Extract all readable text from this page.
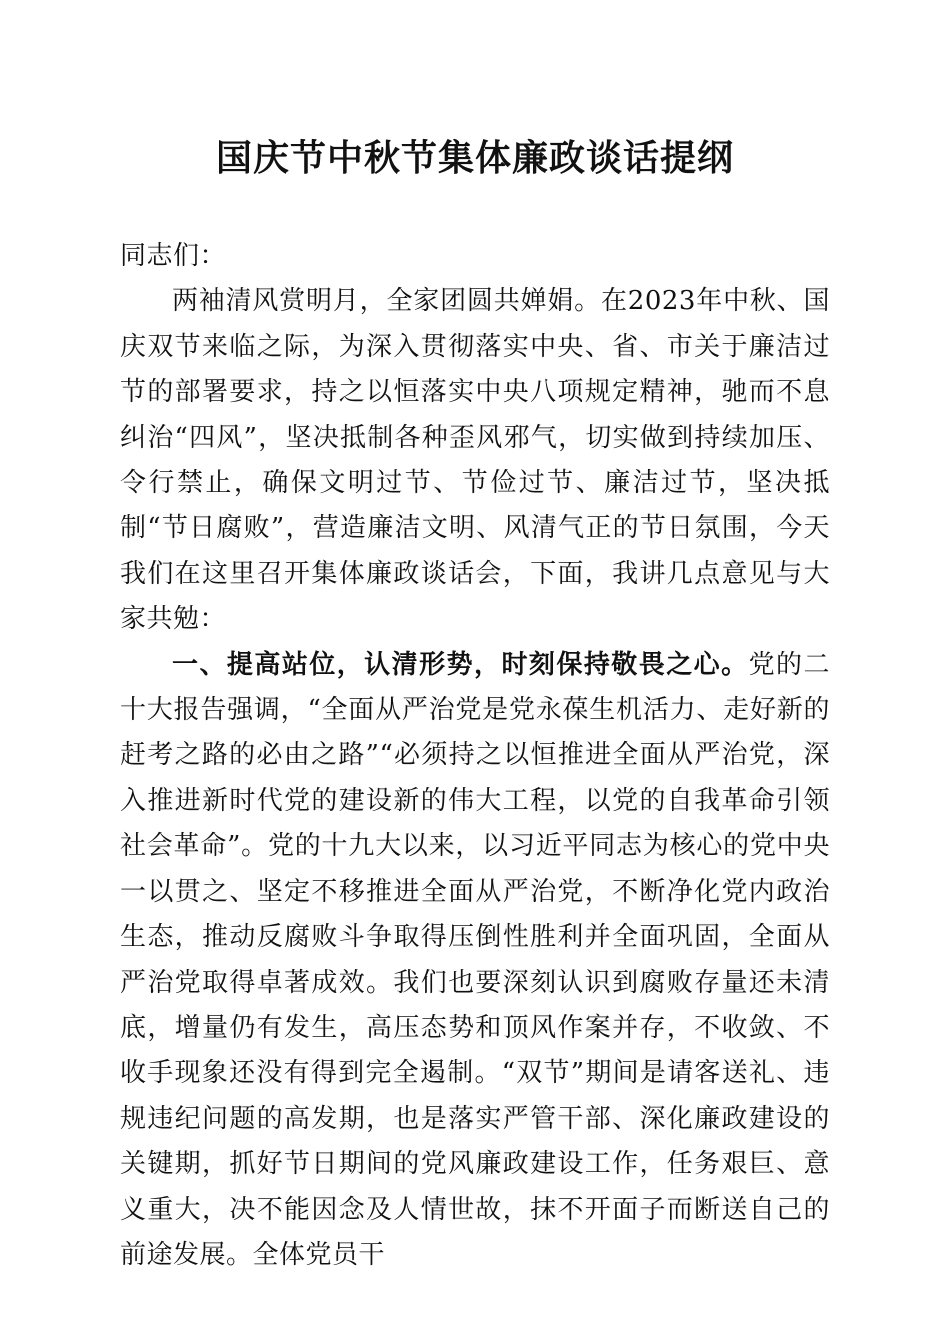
国庆节中秋节集体廉政谈话提纲

同志们：

两袖清风赏明月，全家团圆共婵娟。在2023年中秋、国庆双节来临之际，为深入贯彻落实中央、省、市关于廉洁过节的部署要求，持之以恒落实中央八项规定精神，驰而不息纠治“四风”，坚决抵制各种歪风邪气，切实做到持续加压、令行禁止，确保文明过节、节俭过节、廉洁过节，坚决抵制“节日腐败”，营造廉洁文明、风清气正的节日氛围，今天我们在这里召开集体廉政谈话会，下面，我讲几点意见与大家共勉：

一、提高站位，认清形势，时刻保持敬畏之心。党的二十大报告强调，“全面从严治党是党永葆生机活力、走好新的赶考之路的必由之路”“必须持之以恒推进全面从严治党，深入推进新时代党的建设新的伟大工程，以党的自我革命引领社会革命”。党的十九大以来，以习近平同志为核心的党中央一以贯之、坚定不移推进全面从严治党，不断净化党内政治生态，推动反腐败斗争取得压倒性胜利并全面巩固，全面从严治党取得卓著成效。我们也要深刻认识到腐败存量还未清底，增量仍有发生，高压态势和顶风作案并存，不收敛、不收手现象还没有得到完全遏制。“双节”期间是请客送礼、违规违纪问题的高发期，也是落实严管干部、深化廉政建设的关键期，抓好节日期间的党风廉政建设工作，任务艰巨、意义重大，决不能因念及人情世故，抹不开面子而断送自己的前途发展。全体党员干
